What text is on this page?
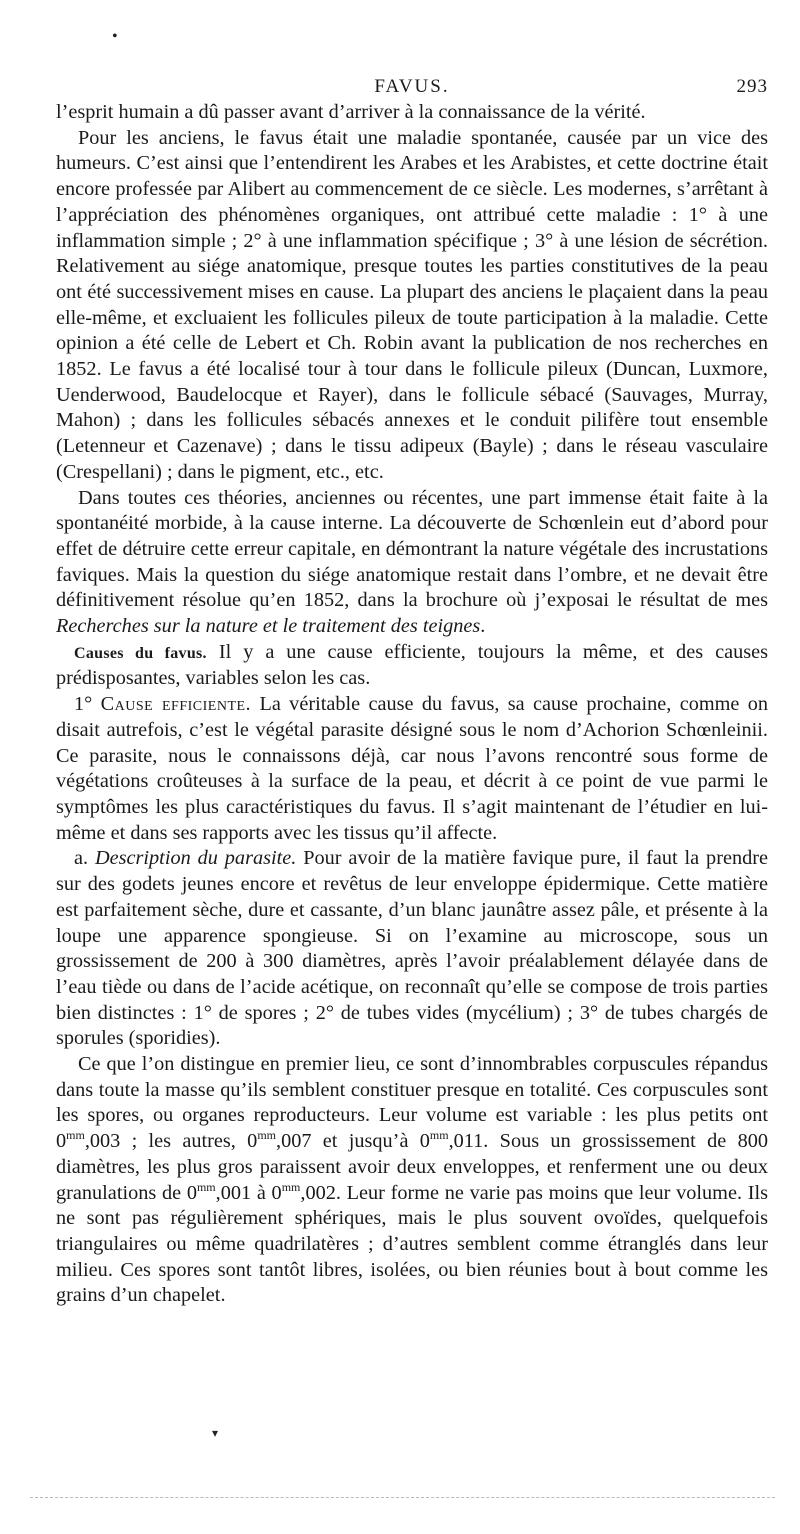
•
▾
FAVUS.	293

l’esprit humain a dû passer avant d’arriver à la connaissance de la vérité.

Pour les anciens, le favus était une maladie spontanée, causée par un vice des humeurs. C’est ainsi que l’entendirent les Arabes et les Arabistes, et cette doctrine était encore professée par Alibert au commencement de ce siècle. Les modernes, s’arrêtant à l’appréciation des phénomènes organiques, ont attribué cette maladie : 1° à une inflammation simple ; 2° à une inflammation spécifique ; 3° à une lésion de sécrétion. Relativement au siége anatomique, presque toutes les parties constitutives de la peau ont été successivement mises en cause. La plupart des anciens le plaçaient dans la peau elle-même, et excluaient les follicules pileux de toute participation à la maladie. Cette opinion a été celle de Lebert et Ch. Robin avant la publication de nos recherches en 1852. Le favus a été localisé tour à tour dans le follicule pileux (Duncan, Luxmore, Uenderwood, Baudelocque et Rayer), dans le follicule sébacé (Sauvages, Murray, Mahon) ; dans les follicules sébacés annexes et le conduit pilifère tout ensemble (Letenneur et Cazenave) ; dans le tissu adipeux (Bayle) ; dans le réseau vasculaire (Crespellani) ; dans le pigment, etc., etc.

Dans toutes ces théories, anciennes ou récentes, une part immense était faite à la spontanéité morbide, à la cause interne. La découverte de Schœnlein eut d’abord pour effet de détruire cette erreur capitale, en démontrant la nature végétale des incrustations faviques. Mais la question du siége anatomique restait dans l’ombre, et ne devait être définitivement résolue qu’en 1852, dans la brochure où j’exposai le résultat de mes Recherches sur la nature et le traitement des teignes.

Causes du favus. Il y a une cause efficiente, toujours la même, et des causes prédisposantes, variables selon les cas.

1° Cause efficiente. La véritable cause du favus, sa cause prochaine, comme on disait autrefois, c’est le végétal parasite désigné sous le nom d’Achorion Schœnleinii. Ce parasite, nous le connaissons déjà, car nous l’avons rencontré sous forme de végétations croûteuses à la surface de la peau, et décrit à ce point de vue parmi le symptômes les plus caractéristiques du favus. Il s’agit maintenant de l’étudier en lui-même et dans ses rapports avec les tissus qu’il affecte.

a. Description du parasite. Pour avoir de la matière favique pure, il faut la prendre sur des godets jeunes encore et revêtus de leur enveloppe épidermique. Cette matière est parfaitement sèche, dure et cassante, d’un blanc jaunâtre assez pâle, et présente à la loupe une apparence spongieuse. Si on l’examine au microscope, sous un grossissement de 200 à 300 diamètres, après l’avoir préalablement délayée dans de l’eau tiède ou dans de l’acide acétique, on reconnaît qu’elle se compose de trois parties bien distinctes : 1° de spores ; 2° de tubes vides (mycélium) ; 3° de tubes chargés de sporules (sporidies).

Ce que l’on distingue en premier lieu, ce sont d’innombrables corpuscules répandus dans toute la masse qu’ils semblent constituer presque en totalité. Ces corpuscules sont les spores, ou organes reproducteurs. Leur volume est variable : les plus petits ont $0^{mm},003$ ; les autres, $0^{mm},007$ et jusqu’à $0^{mm},011$. Sous un grossissement de 800 diamètres, les plus gros paraissent avoir deux enveloppes, et renferment une ou deux granulations de $0^{mm},001$ à $0^{mm},002$. Leur forme ne varie pas moins que leur volume. Ils ne sont pas régulièrement sphériques, mais le plus souvent ovoïdes, quelquefois triangulaires ou même quadrilatères ; d’autres semblent comme étranglés dans leur milieu. Ces spores sont tantôt libres, isolées, ou bien réunies bout à bout comme les grains d’un chapelet.
